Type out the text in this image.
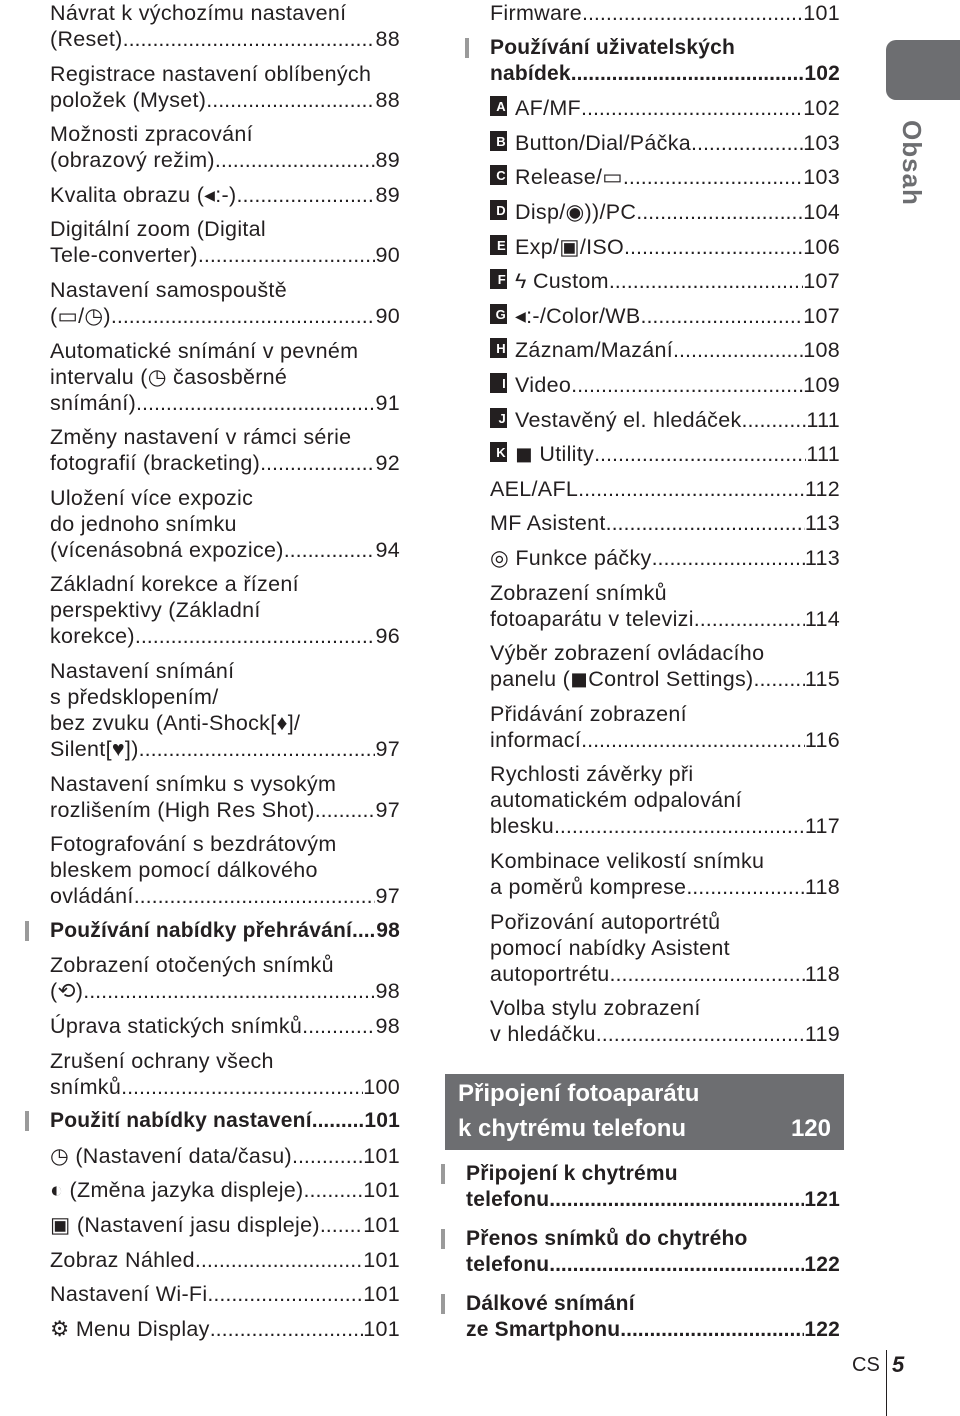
Návrat k výchozímu nastavení
(Reset) .....	88
Registrace nastavení oblíbených
položek (Myset) .....	88
Možnosti zpracování
(obrazový režim) .....	89
Kvalita obrazu (◂:-) .....	89
Digitální zoom (Digital
Tele-converter) .....	90
Nastavení samospouště
(▭/◷) .....	90
Automatické snímání v pevném
intervalu (◷ časosběrné
snímání) .....	91
Změny nastavení v rámci série
fotografií (bracketing) .....	92
Uložení více expozic
do jednoho snímku
(vícenásobná expozice) .....	94
Základní korekce a řízení
perspektivy (Základní
korekce) .....	96
Nastavení snímání
s předsklopením/
bez zvuku (Anti-Shock[♦]/
Silent[♥]) .....	97
Nastavení snímku s vysokým
rozlišením (High Res Shot) .....	97
Fotografování s bezdrátovým
bleskem pomocí dálkového
ovládání .....	97
Používání nabídky přehrávání ..... 98
Zobrazení otočených snímků
(⟲) .....	98
Úprava statických snímků .....	98
Zrušení ochrany všech
snímků .....	100
Použití nabídky nastavení .....	101
◷ (Nastavení data/času) .....	101
◐ (Změna jazyka displeje) .....	101
▣ (Nastavení jasu displeje) ..... 101
Zobraz Náhled .....	101
Nastavení Wi-Fi .....	101
⚙ Menu Display .....	101
Firmware .....	101
Používání uživatelských
nabídek .....	102
A AF/MF .....	102
B Button/Dial/Páčka .....	103
C Release/▭ .....	103
D Disp/◉))/PC .....	104
E Exp/▣/ISO .....	106
F ϟ Custom .....	107
G ◂:-/Color/WB .....	107
H Záznam/Mazání .....	108
I Video .....	109
J Vestavěný el. hledáček .....	111
K ◼ Utility .....	111
AEL/AFL .....	112
MF Asistent .....	113
◎ Funkce páčky .....	113
Zobrazení snímků
fotoaparátu v televizi .....	114
Výběr zobrazení ovládacího
panelu (◼Control Settings) ..... 115
Přidávání zobrazení
informací .....	116
Rychlosti závěrky při
automatickém odpalování
blesku .....	117
Kombinace velikostí snímku
a poměrů komprese .....	118
Pořizování autoportrétů
pomocí nabídky Asistent
autoportrétu .....	118
Volba stylu zobrazení
v hledáčku .....	119
Připojení k chytrému
telefonu .....	121
Přenos snímků do chytrého
telefonu .....	122
Dálkové snímání
ze Smartphonu .....	122
Připojení fotoaparátu
k chytrému telefonu	120
Obsah
CS 5
